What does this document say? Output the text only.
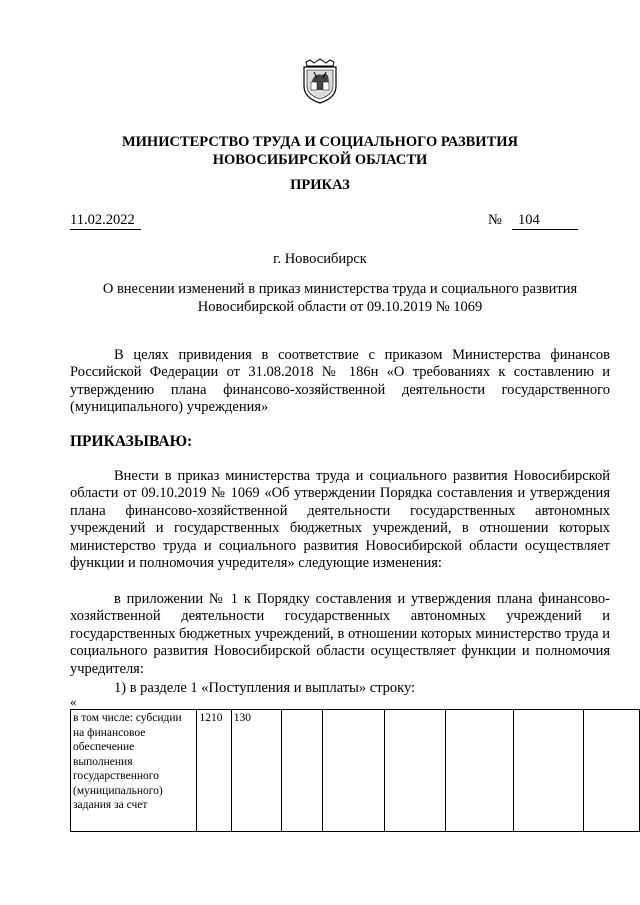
МИНИСТЕРСТВО ТРУДА И СОЦИАЛЬНОГО РАЗВИТИЯ
НОВОСИБИРСКОЙ ОБЛАСТИ
ПРИКАЗ
11.02.2022	№	104
г. Новосибирск
О внесении изменений в приказ министерства труда и социального развития
Новосибирской области от 09.10.2019 № 1069
В целях привидения в соответствие с приказом Министерства финансов Российской Федерации от 31.08.2018 № 186н «О требованиях к составлению и утверждению плана финансово-хозяйственной деятельности государственного (муниципального) учреждения»
ПРИКАЗЫВАЮ:
Внести в приказ министерства труда и социального развития Новосибирской области от 09.10.2019 № 1069 «Об утверждении Порядка составления и утверждения плана финансово-хозяйственной деятельности государственных автономных учреждений и государственных бюджетных учреждений, в отношении которых министерство труда и социального развития Новосибирской области осуществляет функции и полномочия учредителя» следующие изменения:
в приложении № 1 к Порядку составления и утверждения плана финансово-хозяйственной деятельности государственных автономных учреждений и государственных бюджетных учреждений, в отношении которых министерство труда и социального развития Новосибирской области осуществляет функции и полномочия учредителя:
1) в разделе 1 «Поступления и выплаты» строку:
«
в том числе: субсидии на финансовое обеспечение выполнения государственного (муниципального) задания за счет	1210	130						
